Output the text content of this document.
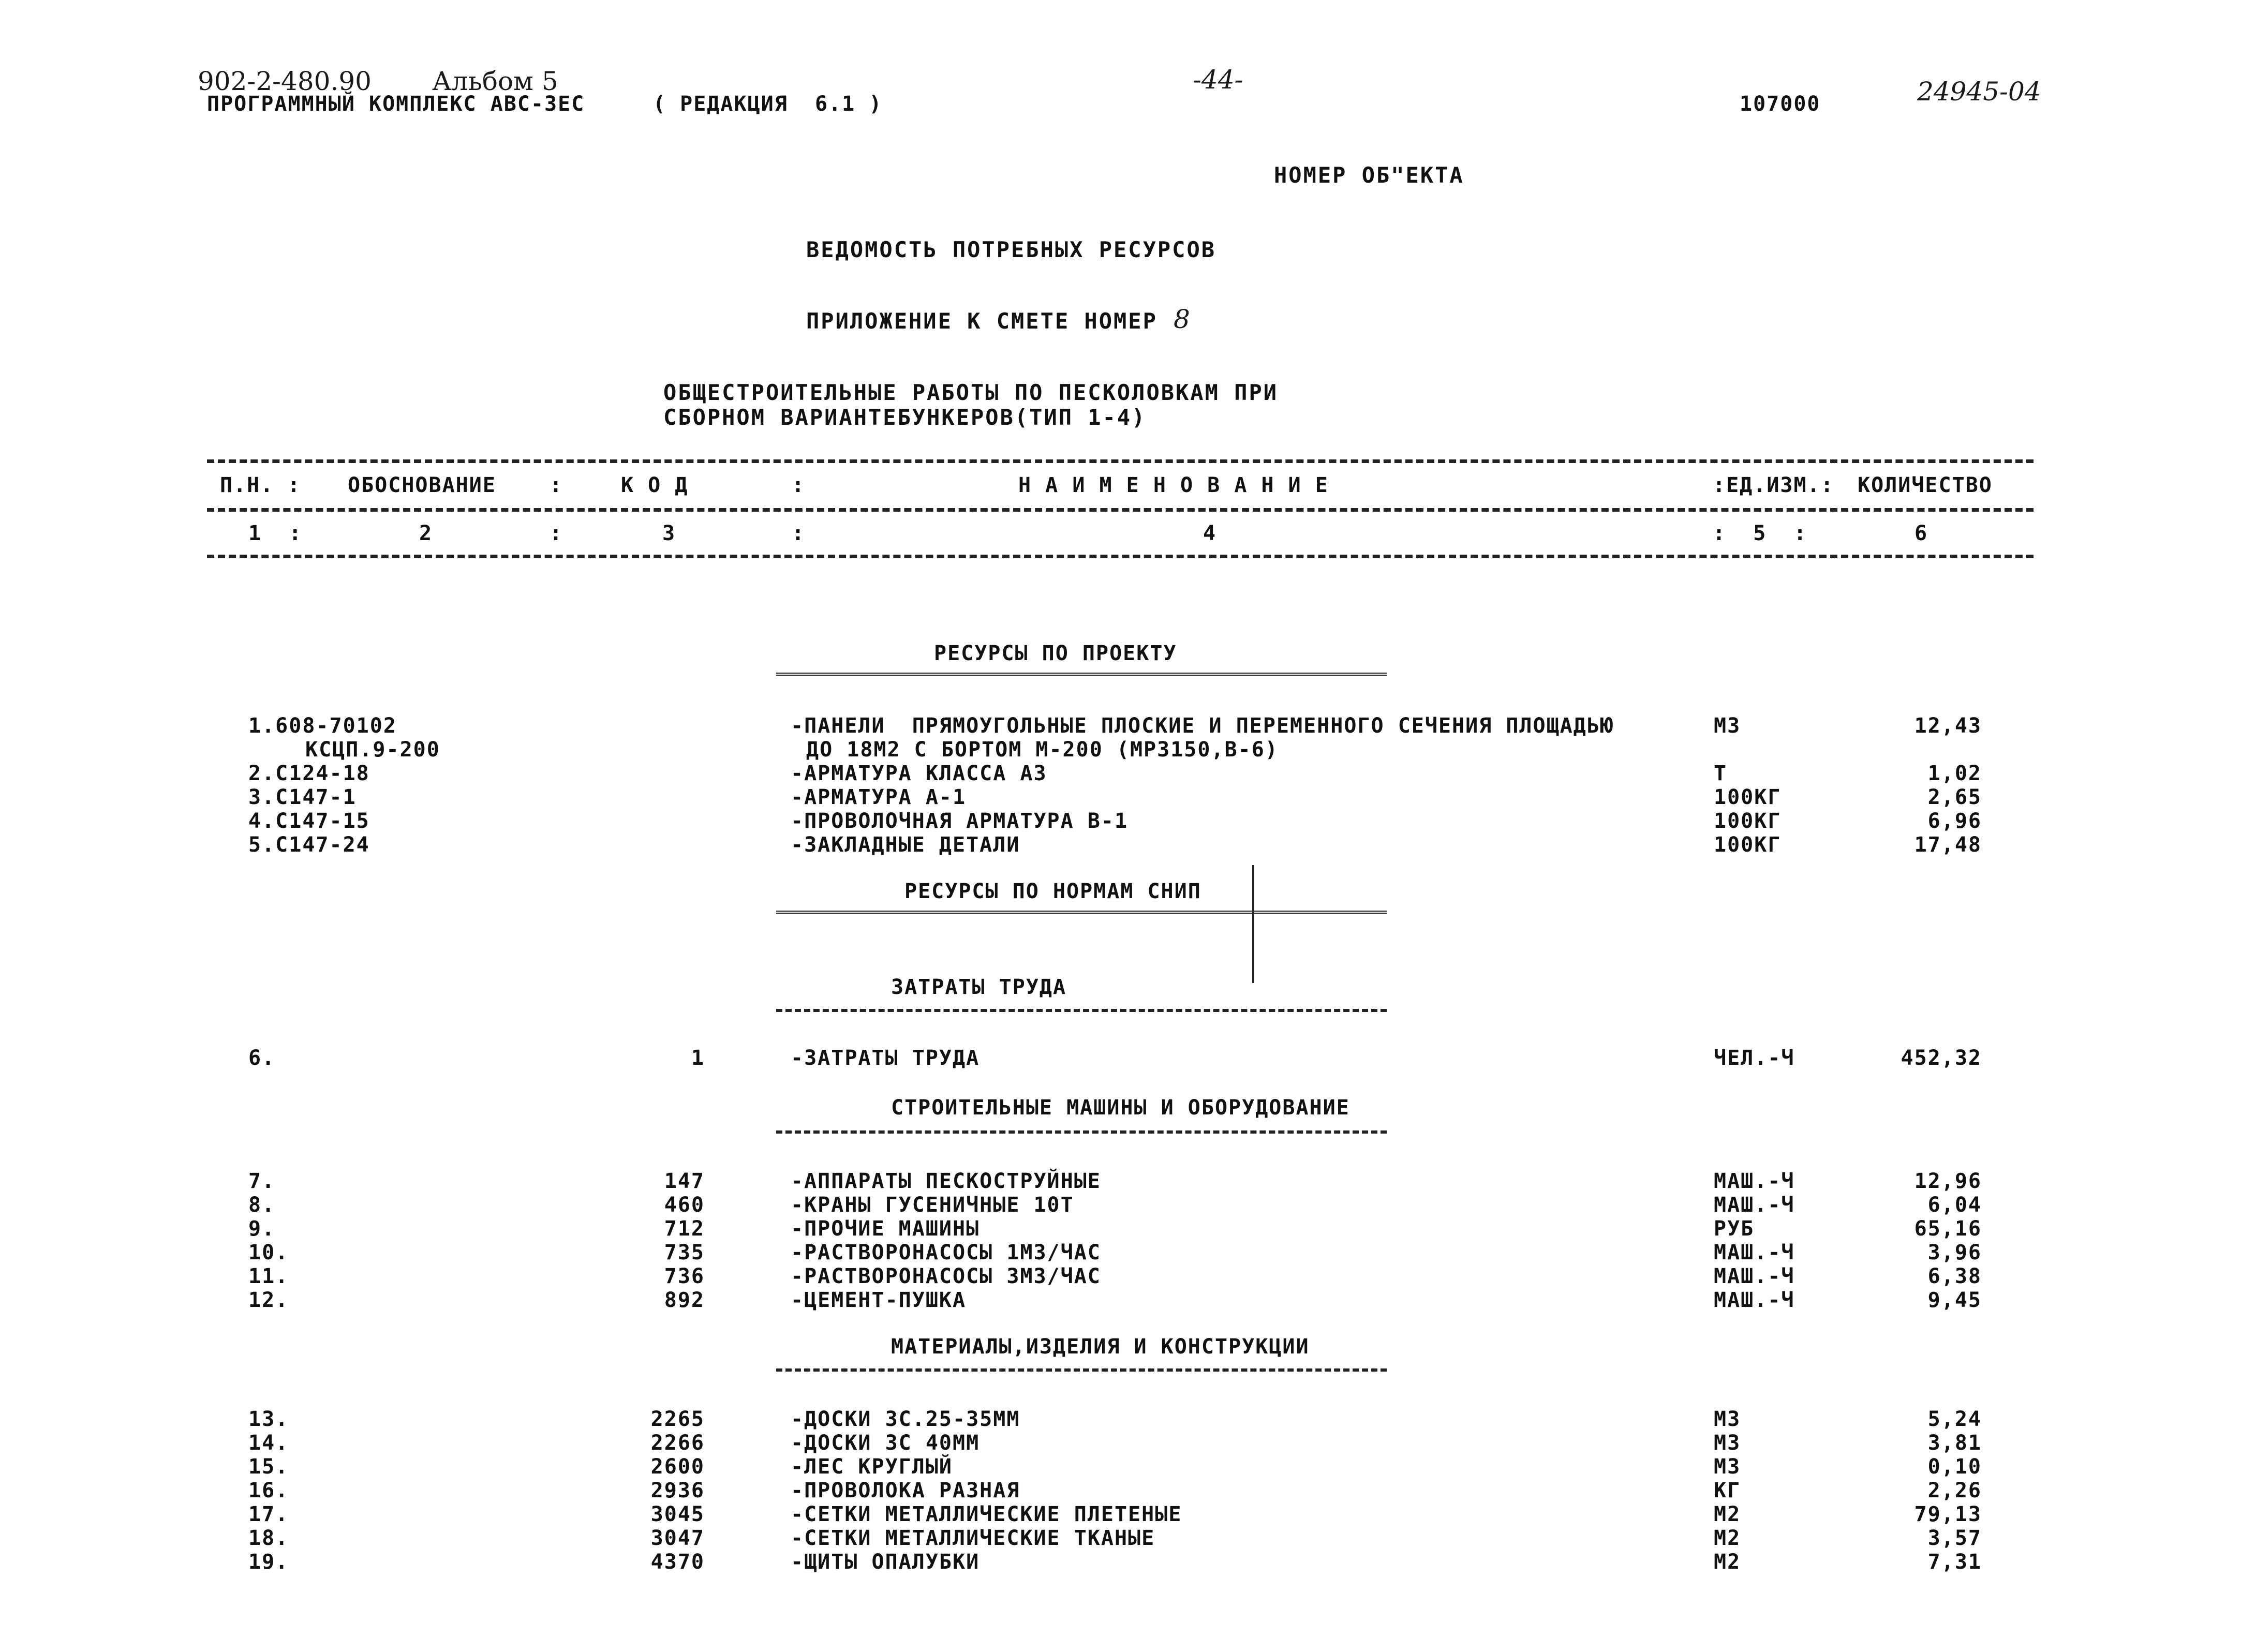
902-2-480.90 Альбом 5
ПРОГРАММНЫЙ КОМПЛЕКС АВС-3ЕС	( РЕДАКЦИЯ  6.1 )
-44-
107000	24945-04
НОМЕР ОБ"ЕКТА
ВЕДОМОСТЬ ПОТРЕБНЫХ РЕСУРСОВ
ПРИЛОЖЕНИЕ К СМЕТЕ НОМЕР 8
ОБЩЕСТРОИТЕЛЬНЫЕ РАБОТЫ ПО ПЕСКОЛОВКАМ ПРИ
СБОРНОМ ВАРИАНТЕБУНКЕРОВ(ТИП 1-4)
П.Н. : ОБОСНОВАНИЕ	:	К О Д	:	Н А И М Е Н О В А Н И Е	:ЕД.ИЗМ.: КОЛИЧЕСТВО
1  :	2	:	3	:	4	:  5  :	6
РЕСУРСЫ ПО ПРОЕКТУ
1.608-70102	-ПАНЕЛИ  ПРЯМОУГОЛЬНЫЕ ПЛОСКИЕ И ПЕРЕМЕННОГО СЕЧЕНИЯ ПЛОЩАДЬЮ	М3	12,43
КСЦП.9-200	ДО 18М2 С БОРТОМ М-200 (МР3150,В-6)
2.С124-18	-АРМАТУРА КЛАССА А3	Т	1,02
3.С147-1	-АРМАТУРА А-1	100КГ	2,65
4.С147-15	-ПРОВОЛОЧНАЯ АРМАТУРА В-1	100КГ	6,96
5.С147-24	-ЗАКЛАДНЫЕ ДЕТАЛИ	100КГ	17,48
РЕСУРСЫ ПО НОРМАМ СНИП
ЗАТРАТЫ ТРУДА
6.	1	-ЗАТРАТЫ ТРУДА	ЧЕЛ.-Ч	452,32
СТРОИТЕЛЬНЫЕ МАШИНЫ И ОБОРУДОВАНИЕ
7.	147	-АППАРАТЫ ПЕСКОСТРУЙНЫЕ	МАШ.-Ч	12,96
8.	460	-КРАНЫ ГУСЕНИЧНЫЕ 10Т	МАШ.-Ч	6,04
9.	712	-ПРОЧИЕ МАШИНЫ	РУБ	65,16
10.	735	-РАСТВОРОНАСОСЫ 1М3/ЧАС	МАШ.-Ч	3,96
11.	736	-РАСТВОРОНАСОСЫ 3М3/ЧАС	МАШ.-Ч	6,38
12.	892	-ЦЕМЕНТ-ПУШКА	МАШ.-Ч	9,45
МАТЕРИАЛЫ,ИЗДЕЛИЯ И КОНСТРУКЦИИ
13.	2265	-ДОСКИ 3С.25-35ММ	М3	5,24
14.	2266	-ДОСКИ 3С 40ММ	М3	3,81
15.	2600	-ЛЕС КРУГЛЫЙ	М3	0,10
16.	2936	-ПРОВОЛОКА РАЗНАЯ	КГ	2,26
17.	3045	-СЕТКИ МЕТАЛЛИЧЕСКИЕ ПЛЕТЕНЫЕ	М2	79,13
18.	3047	-СЕТКИ МЕТАЛЛИЧЕСКИЕ ТКАНЫЕ	М2	3,57
19.	4370	-ЩИТЫ ОПАЛУБКИ	М2	7,31
